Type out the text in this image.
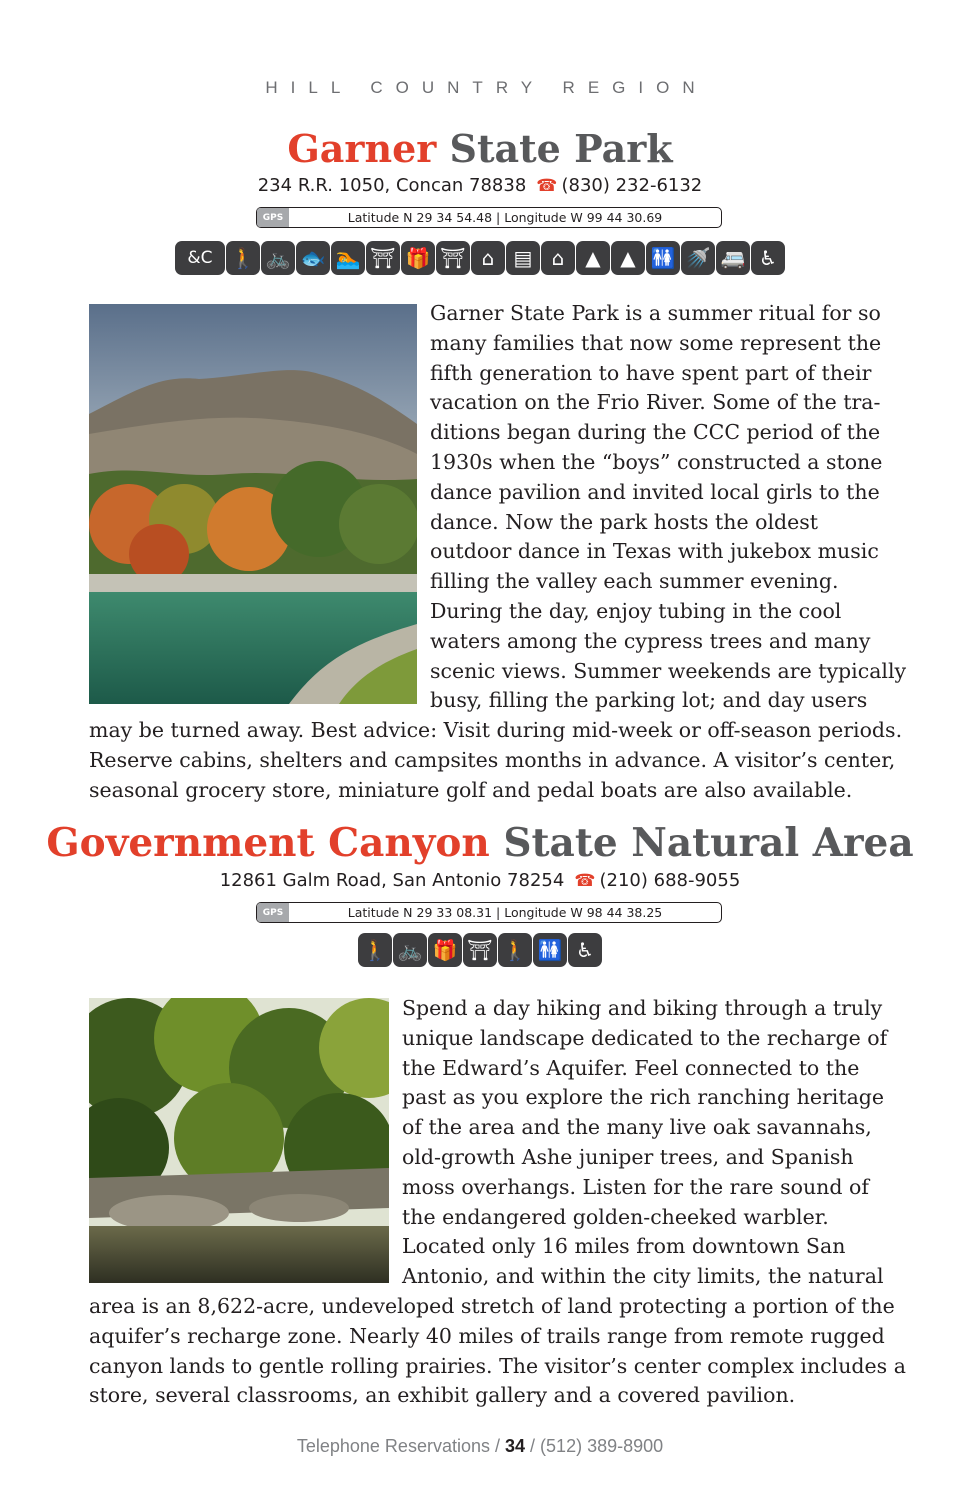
HILL COUNTRY REGION
Garner State Park
234 R.R. 1050, Concan 78838 ☎ (830) 232-6132
GPS	Latitude N 29 34 54.48 | Longitude W 99 44 30.69
&C 🚶 🚲 🐟 🏊 ⛩ 🎁 ⛩ ⌂ ▤ ⌂	▲ ▲ 🚻 🚿 🚐 ♿
Garner State Park is a summer ritual for so
many families that now some represent the
fifth generation to have spent part of their
vacation on the Frio River. Some of the tra-
ditions began during the CCC period of the
1930s when the “boys” constructed a stone
dance pavilion and invited local girls to the
dance. Now the park hosts the oldest
outdoor dance in Texas with jukebox music
filling the valley each summer evening.
During the day, enjoy tubing in the cool
waters among the cypress trees and many
scenic views. Summer weekends are typically
busy, filling the parking lot; and day users
may be turned away. Best advice: Visit during mid-week or off-season periods.
Reserve cabins, shelters and campsites months in advance. A visitor’s center,
seasonal grocery store, miniature golf and pedal boats are also available.
Government Canyon State Natural Area
12861 Galm Road, San Antonio 78254 ☎ (210) 688-9055
GPS	Latitude N 29 33 08.31 | Longitude W 98 44 38.25
🚶 🚲 🎁 ⛩ 🚶 🚻 ♿
Spend a day hiking and biking through a truly
unique landscape dedicated to the recharge of
the Edward’s Aquifer. Feel connected to the
past as you explore the rich ranching heritage
of the area and the many live oak savannahs,
old-growth Ashe juniper trees, and Spanish
moss overhangs. Listen for the rare sound of
the endangered golden-cheeked warbler.
Located only 16 miles from downtown San
Antonio, and within the city limits, the natural
area is an 8,622-acre, undeveloped stretch of land protecting a portion of the
aquifer’s recharge zone. Nearly 40 miles of trails range from remote rugged
canyon lands to gentle rolling prairies. The visitor’s center complex includes a
store, several classrooms, an exhibit gallery and a covered pavilion.
Telephone Reservations / 34 / (512) 389-8900
